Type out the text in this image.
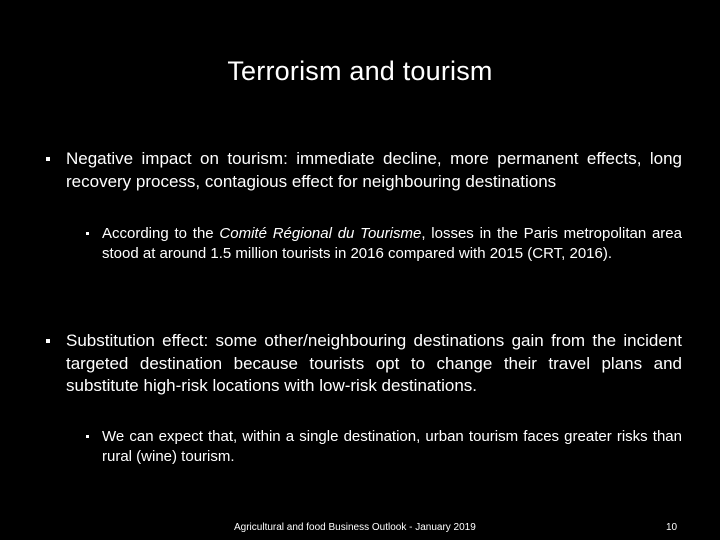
Terrorism and tourism
Negative impact on tourism: immediate decline, more permanent effects, long recovery process, contagious effect for neighbouring destinations
According to the Comité Régional du Tourisme, losses in the Paris metropolitan area stood at around 1.5 million tourists in 2016 compared with 2015 (CRT, 2016).
Substitution effect: some other/neighbouring destinations gain from the incident targeted destination because tourists opt to change their travel plans and substitute high-risk locations with low-risk destinations.
We can expect that, within a single destination, urban tourism faces greater risks than rural (wine) tourism.
Agricultural and food Business Outlook - January 2019	10
